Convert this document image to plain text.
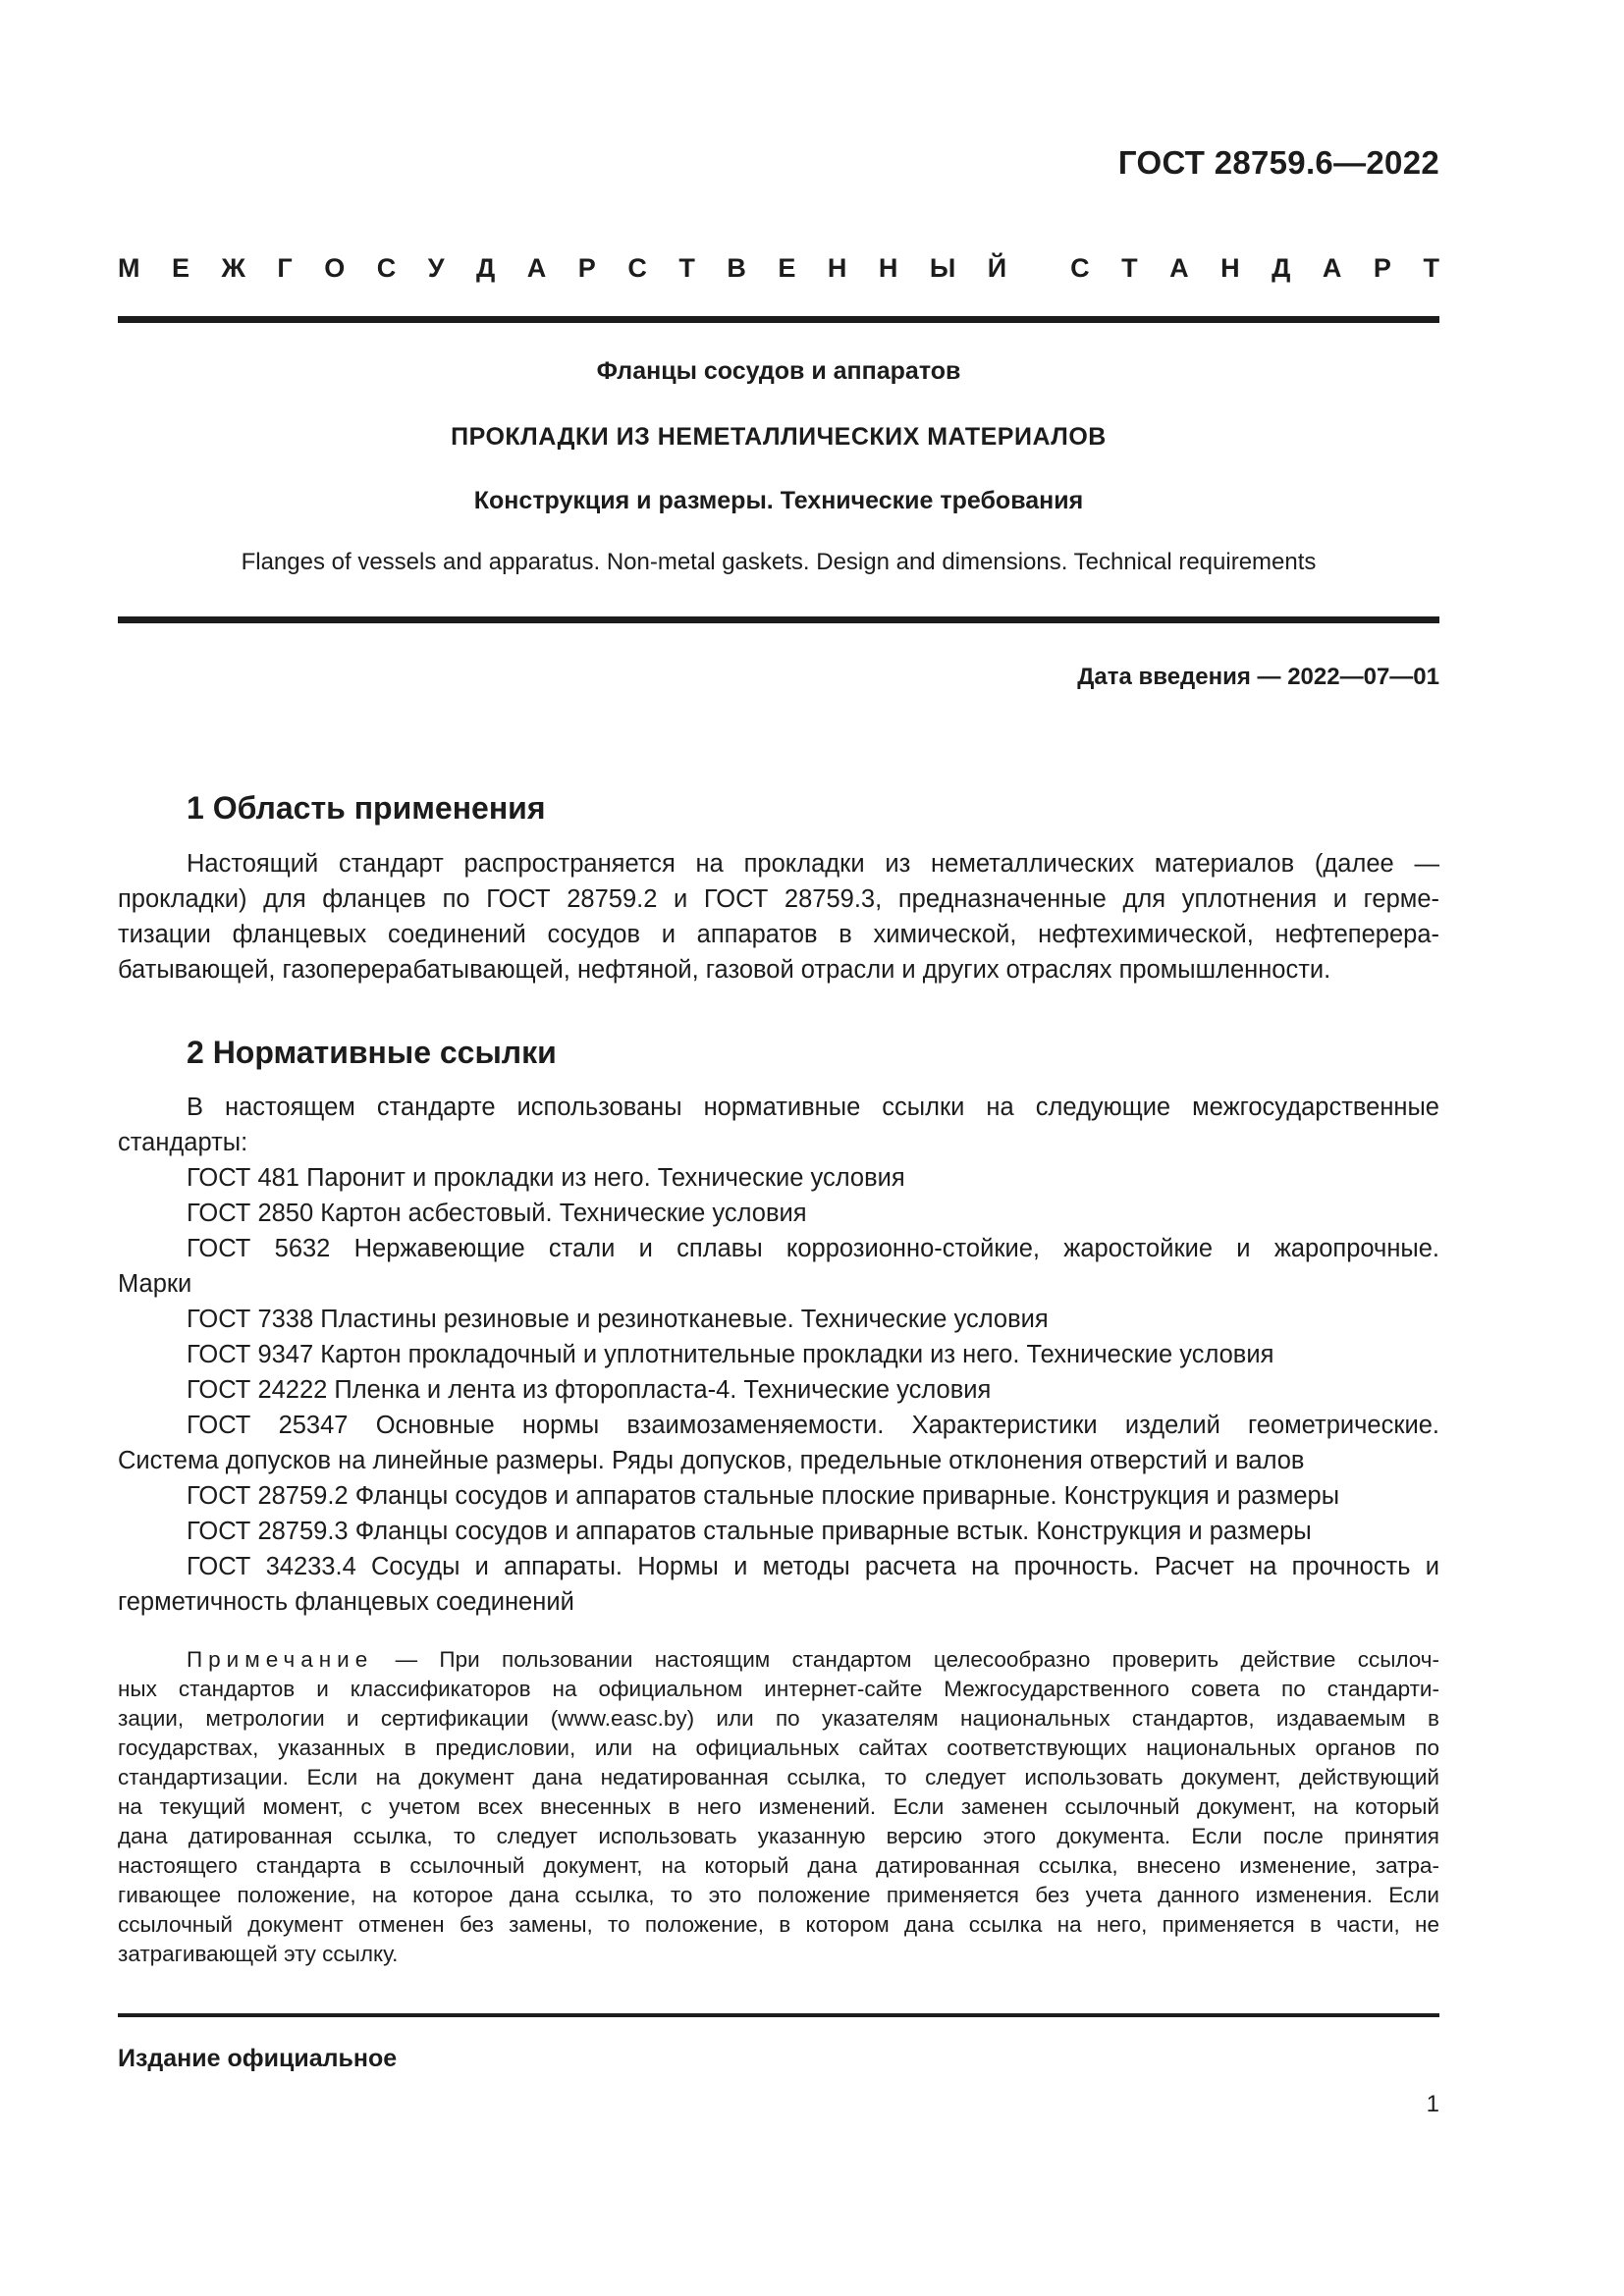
ГОСТ 28759.6—2022
М Е Ж Г О С У Д А Р С Т В Е Н Н Ы Й С Т А Н Д А Р Т
Фланцы сосудов и аппаратов
ПРОКЛАДКИ ИЗ НЕМЕТАЛЛИЧЕСКИХ МАТЕРИАЛОВ
Конструкция и размеры. Технические требования
Flanges of vessels and apparatus. Non-metal gaskets. Design and dimensions. Technical requirements
Дата введения — 2022—07—01
1 Область применения
Настоящий стандарт распространяется на прокладки из неметаллических материалов (далее —
прокладки) для фланцев по ГОСТ 28759.2 и ГОСТ 28759.3, предназначенные для уплотнения и герме-
тизации фланцевых соединений сосудов и аппаратов в химической, нефтехимической, нефтеперера-
батывающей, газоперерабатывающей, нефтяной, газовой отрасли и других отраслях промышленности.
2 Нормативные ссылки
В настоящем стандарте использованы нормативные ссылки на следующие межгосударственные
стандарты:
ГОСТ 481 Паронит и прокладки из него. Технические условия
ГОСТ 2850 Картон асбестовый. Технические условия
ГОСТ 5632 Нержавеющие стали и сплавы коррозионно-стойкие, жаростойкие и жаропрочные.
Марки
ГОСТ 7338 Пластины резиновые и резинотканевые. Технические условия
ГОСТ 9347 Картон прокладочный и уплотнительные прокладки из него. Технические условия
ГОСТ 24222 Пленка и лента из фторопласта-4. Технические условия
ГОСТ 25347 Основные нормы взаимозаменяемости. Характеристики изделий геометрические.
Система допусков на линейные размеры. Ряды допусков, предельные отклонения отверстий и валов
ГОСТ 28759.2 Фланцы сосудов и аппаратов стальные плоские приварные. Конструкция и размеры
ГОСТ 28759.3 Фланцы сосудов и аппаратов стальные приварные встык. Конструкция и размеры
ГОСТ 34233.4 Сосуды и аппараты. Нормы и методы расчета на прочность. Расчет на прочность и
герметичность фланцевых соединений
Примечание — При пользовании настоящим стандартом целесообразно проверить действие ссылоч-
ных стандартов и классификаторов на официальном интернет-сайте Межгосударственного совета по стандарти-
зации, метрологии и сертификации (www.easc.by) или по указателям национальных стандартов, издаваемым в
государствах, указанных в предисловии, или на официальных сайтах соответствующих национальных органов по
стандартизации. Если на документ дана недатированная ссылка, то следует использовать документ, действующий
на текущий момент, с учетом всех внесенных в него изменений. Если заменен ссылочный документ, на который
дана датированная ссылка, то следует использовать указанную версию этого документа. Если после принятия
настоящего стандарта в ссылочный документ, на который дана датированная ссылка, внесено изменение, затра-
гивающее положение, на которое дана ссылка, то это положение применяется без учета данного изменения. Если
ссылочный документ отменен без замены, то положение, в котором дана ссылка на него, применяется в части, не
затрагивающей эту ссылку.
Издание официальное
1
